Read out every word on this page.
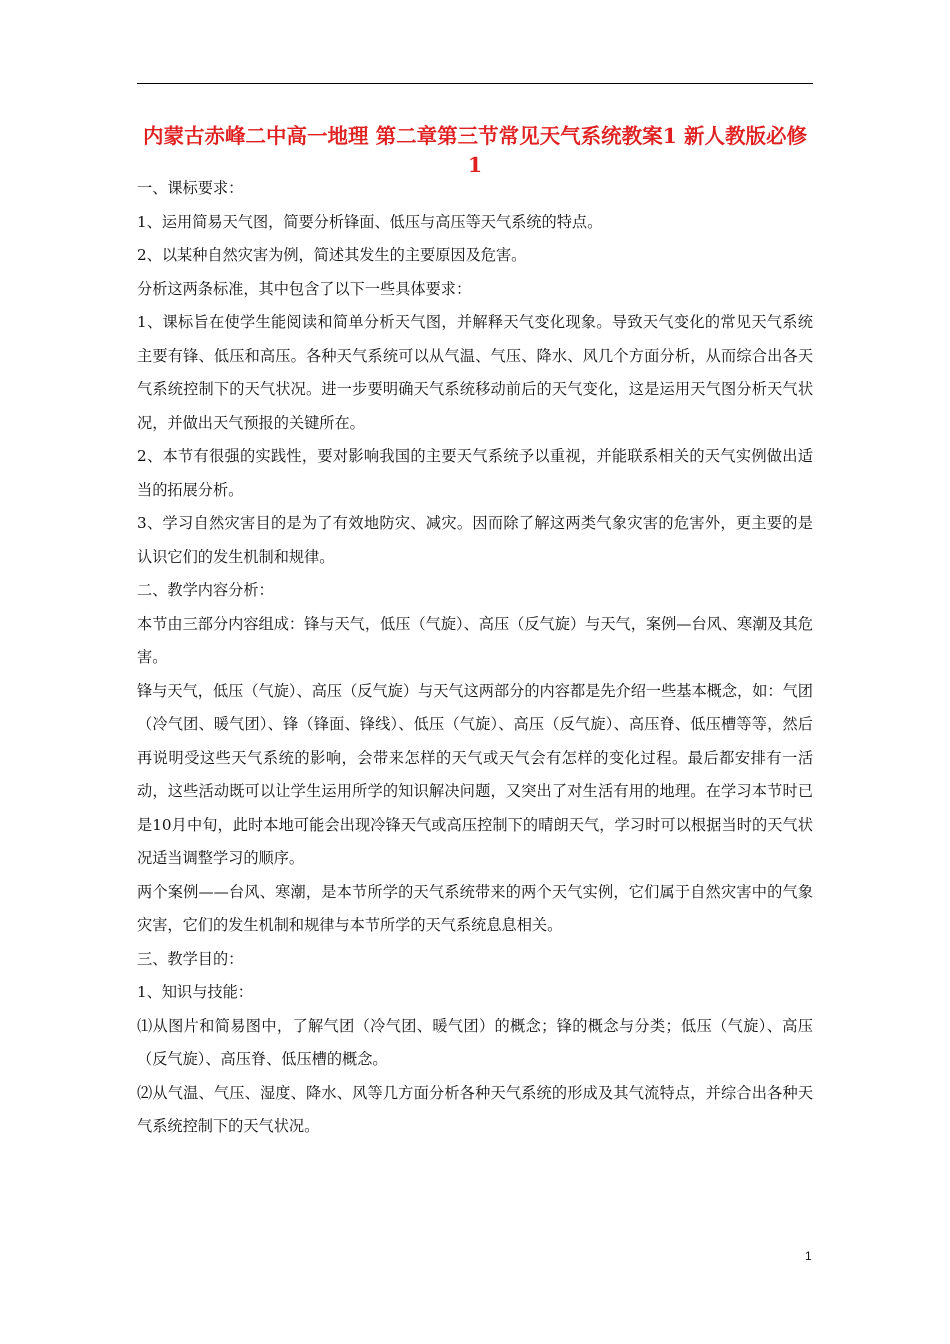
内蒙古赤峰二中高一地理 第二章第三节常见天气系统教案1 新人教版必修1

一、课标要求：

1、运用简易天气图，简要分析锋面、低压与高压等天气系统的特点。

2、以某种自然灾害为例，简述其发生的主要原因及危害。

分析这两条标准，其中包含了以下一些具体要求：

1、课标旨在使学生能阅读和简单分析天气图，并解释天气变化现象。导致天气变化的常见天气系统主要有锋、低压和高压。各种天气系统可以从气温、气压、降水、风几个方面分析，从而综合出各天气系统控制下的天气状况。进一步要明确天气系统移动前后的天气变化，这是运用天气图分析天气状况，并做出天气预报的关键所在。

2、本节有很强的实践性，要对影响我国的主要天气系统予以重视，并能联系相关的天气实例做出适当的拓展分析。

3、学习自然灾害目的是为了有效地防灾、减灾。因而除了解这两类气象灾害的危害外，更主要的是认识它们的发生机制和规律。

二、教学内容分析：

本节由三部分内容组成：锋与天气，低压（气旋）、高压（反气旋）与天气，案例—台风、寒潮及其危害。

锋与天气，低压（气旋）、高压（反气旋）与天气这两部分的内容都是先介绍一些基本概念，如：气团（冷气团、暖气团）、锋（锋面、锋线）、低压（气旋）、高压（反气旋）、高压脊、低压槽等等，然后再说明受这些天气系统的影响，会带来怎样的天气或天气会有怎样的变化过程。最后都安排有一活动，这些活动既可以让学生运用所学的知识解决问题，又突出了对生活有用的地理。在学习本节时已是10月中旬，此时本地可能会出现冷锋天气或高压控制下的晴朗天气，学习时可以根据当时的天气状况适当调整学习的顺序。

两个案例——台风、寒潮，是本节所学的天气系统带来的两个天气实例，它们属于自然灾害中的气象灾害，它们的发生机制和规律与本节所学的天气系统息息相关。

三、教学目的：

1、知识与技能：

⑴从图片和简易图中，了解气团（冷气团、暖气团）的概念；锋的概念与分类；低压（气旋）、高压（反气旋）、高压脊、低压槽的概念。

⑵从气温、气压、湿度、降水、风等几方面分析各种天气系统的形成及其气流特点，并综合出各种天气系统控制下的天气状况。

1
